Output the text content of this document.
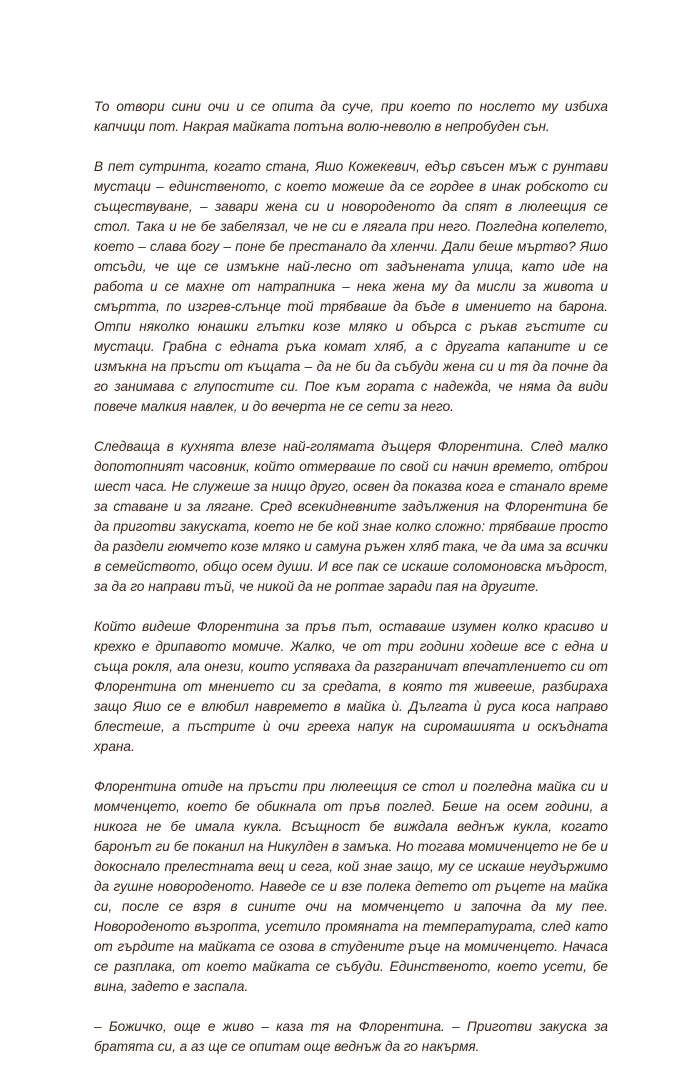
То отвори сини очи и се опита да суче, при което по нослето му избиха капчици пот. Накрая майката потъна волю-неволю в непробуден сън.

В пет сутринта, когато стана, Яшо Кожекевич, едър свъсен мъж с рунтави мустаци – единственото, с което можеше да се гордее в инак робското си съществуване, – завари жена си и новороденото да спят в люлеещия се стол. Така и не бе забелязал, че не си е лягала при него. Погледна копелето, което – слава богу – поне бе престанало да хленчи. Дали беше мъртво? Яшо отсъди, че ще се измъкне най-лесно от задънената улица, като иде на работа и се махне от натрапника – нека жена му да мисли за живота и смъртта, по изгрев-слънце той трябваше да бъде в имението на барона. Отпи няколко юнашки глътки козе мляко и обърса с ръкав гъстите си мустаци. Грабна с едната ръка комат хляб, а с другата капаните и се измъкна на пръсти от къщата – да не би да събуди жена си и тя да почне да го занимава с глупостите си. Пое към гората с надежда, че няма да види повече малкия навлек, и до вечерта не се сети за него.

Следваща в кухнята влезе най-голямата дъщеря Флорентина. След малко допотопният часовник, който отмерваше по свой си начин времето, отброи шест часа. Не служеше за нищо друго, освен да показва кога е станало време за ставане и за лягане. Сред всекидневните задължения на Флорентина бе да приготви закуската, което не бе кой знае колко сложно: трябваше просто да раздели гюмчето козе мляко и самуна ръжен хляб така, че да има за всички в семейството, общо осем души. И все пак се искаше соломоновска мъдрост, за да го направи тъй, че никой да не роптае заради пая на другите.

Който видеше Флорентина за пръв път, оставаше изумен колко красиво и крехко е дрипавото момиче. Жалко, че от три години ходеше все с една и съща рокля, ала онези, които успяваха да разграничат впечатлението си от Флорентина от мнението си за средата, в която тя живееше, разбираха защо Яшо се е влюбил навремето в майка ѝ. Дългата ѝ руса коса направо блестеше, а пъстрите ѝ очи грееха напук на сиромашията и оскъдната храна.

Флорентина отиде на пръсти при люлеещия се стол и погледна майка си и момченцето, което бе обикнала от пръв поглед. Беше на осем години, а никога не бе имала кукла. Всъщност бе виждала веднъж кукла, когато баронът ги бе поканил на Никулден в замъка. Но тогава момиченцето не бе и докоснало прелестната вещ и сега, кой знае защо, му се искаше неудържимо да гушне новороденото. Наведе се и взе полека детето от ръцете на майка си, после се взря в сините очи на момченцето и започна да му пее. Новороденото възропта, усетило промяната на температурата, след като от гърдите на майката се озова в студените ръце на момиченцето. Начаса се разплака, от което майката се събуди. Единственото, което усети, бе вина, задето е заспала.

– Божичко, още е живо – каза тя на Флорентина. – Приготви закуска за братята си, а аз ще се опитам още веднъж да го накърмя.
